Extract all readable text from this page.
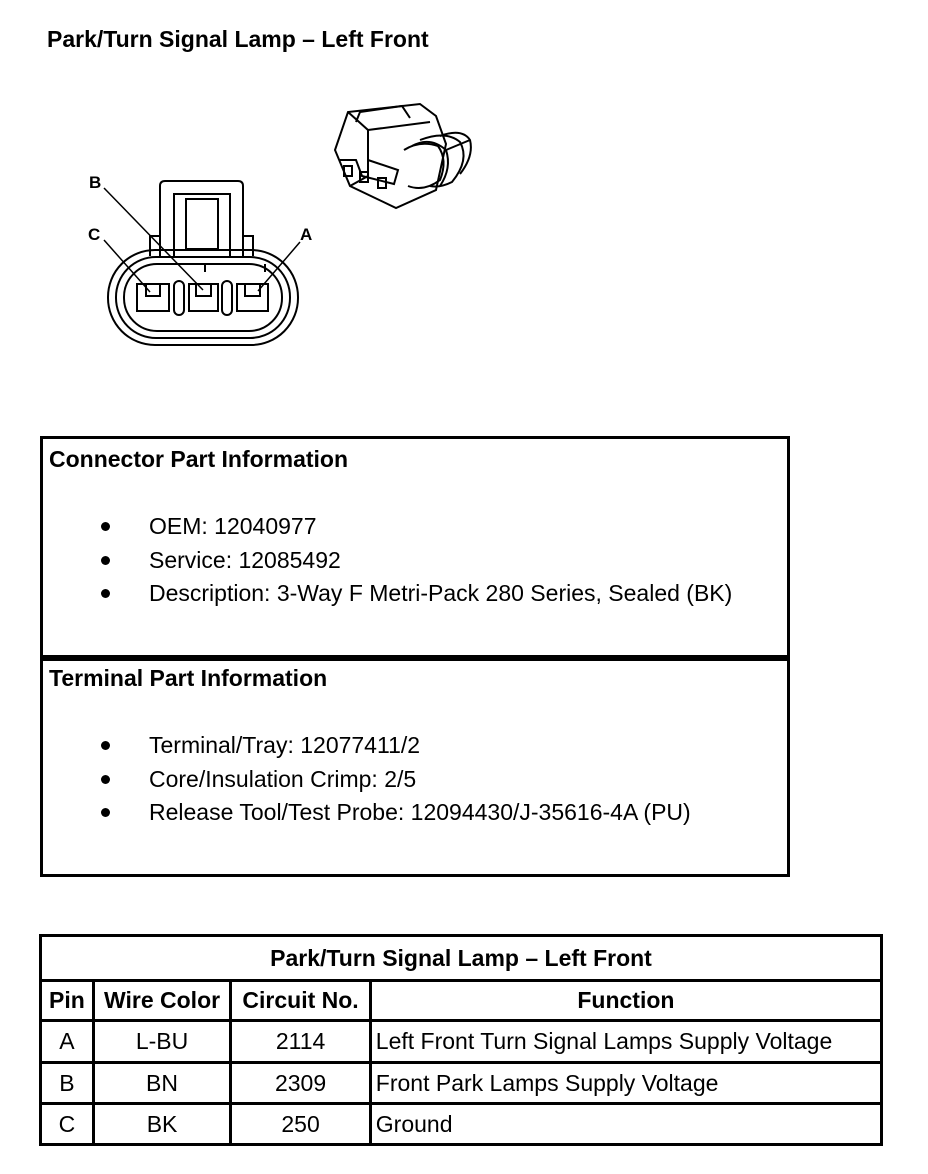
Park/Turn Signal Lamp – Left Front
B
C	A
Connector Part Information
OEM: 12040977
Service: 12085492
Description: 3-Way F Metri-Pack 280 Series, Sealed (BK)
Terminal Part Information
Terminal/Tray: 12077411/2
Core/Insulation Crimp: 2/5
Release Tool/Test Probe: 12094430/J-35616-4A (PU)
Park/Turn Signal Lamp – Left Front			
Pin	Wire Color	Circuit No.	Function
A	L-BU	2114	Left Front Turn Signal Lamps Supply Voltage
B	BN	2309	Front Park Lamps Supply Voltage
C	BK	250	Ground
